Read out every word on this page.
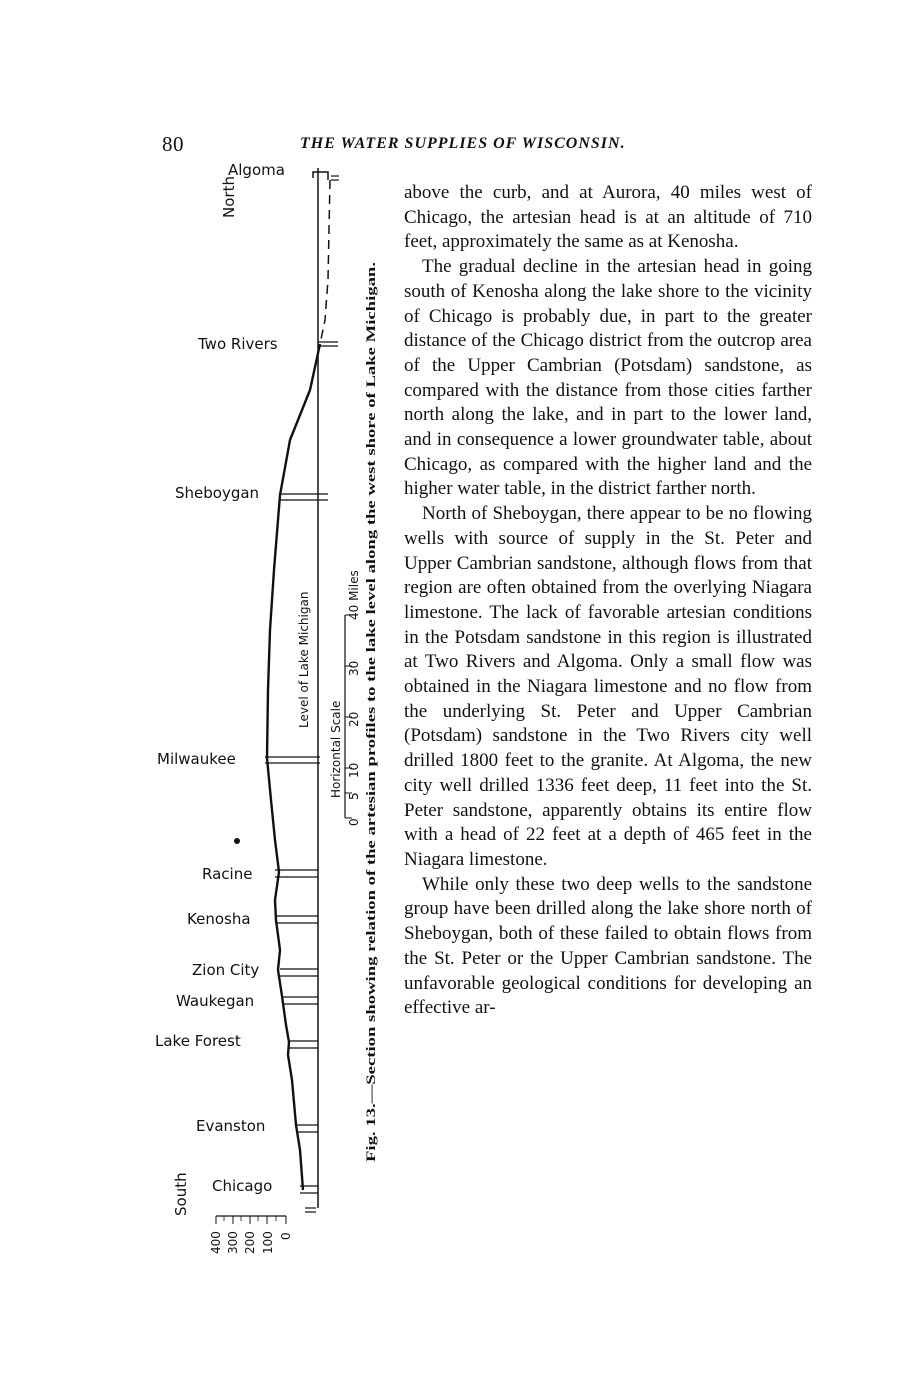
80	THE WATER SUPPLIES OF WISCONSIN.
Algoma
Two Rivers
Sheboygan
Milwaukee
Racine
Kenosha
Zion City
Waukegan
Lake Forest
Evanston
Chicago
North
South
Level of Lake Michigan
Horizontal Scale
0
5
10
20
30
40 Miles
400 300 200 100 0
Fig. 13.—Section showing relation of the artesian profiles to the lake level along the west shore of Lake Michigan.

above the curb, and at Aurora, 40 miles west of Chicago, the artesian head is at an altitude of 710 feet, approximately the same as at Kenosha.

The gradual decline in the artesian head in going south of Kenosha along the lake shore to the vicinity of Chicago is probably due, in part to the greater distance of the Chicago district from the outcrop area of the Upper Cambrian (Potsdam) sandstone, as compared with the distance from those cities farther north along the lake, and in part to the lower land, and in consequence a lower groundwater table, about Chicago, as compared with the higher land and the higher water table, in the district farther north.

North of Sheboygan, there appear to be no flowing wells with source of supply in the St. Peter and Upper Cambrian sandstone, although flows from that region are often obtained from the overlying Niagara limestone. The lack of favorable artesian conditions in the Potsdam sandstone in this region is illustrated at Two Rivers and Algoma. Only a small flow was obtained in the Niagara limestone and no flow from the underlying St. Peter and Upper Cambrian (Potsdam) sandstone in the Two Rivers city well drilled 1800 feet to the granite. At Algoma, the new city well drilled 1336 feet deep, 11 feet into the St. Peter sandstone, apparently obtains its entire flow with a head of 22 feet at a depth of 465 feet in the Niagara limestone.

While only these two deep wells to the sandstone group have been drilled along the lake shore north of Sheboygan, both of these failed to obtain flows from the St. Peter or the Upper Cambrian sandstone. The unfavorable geological conditions for developing an effective ar-
